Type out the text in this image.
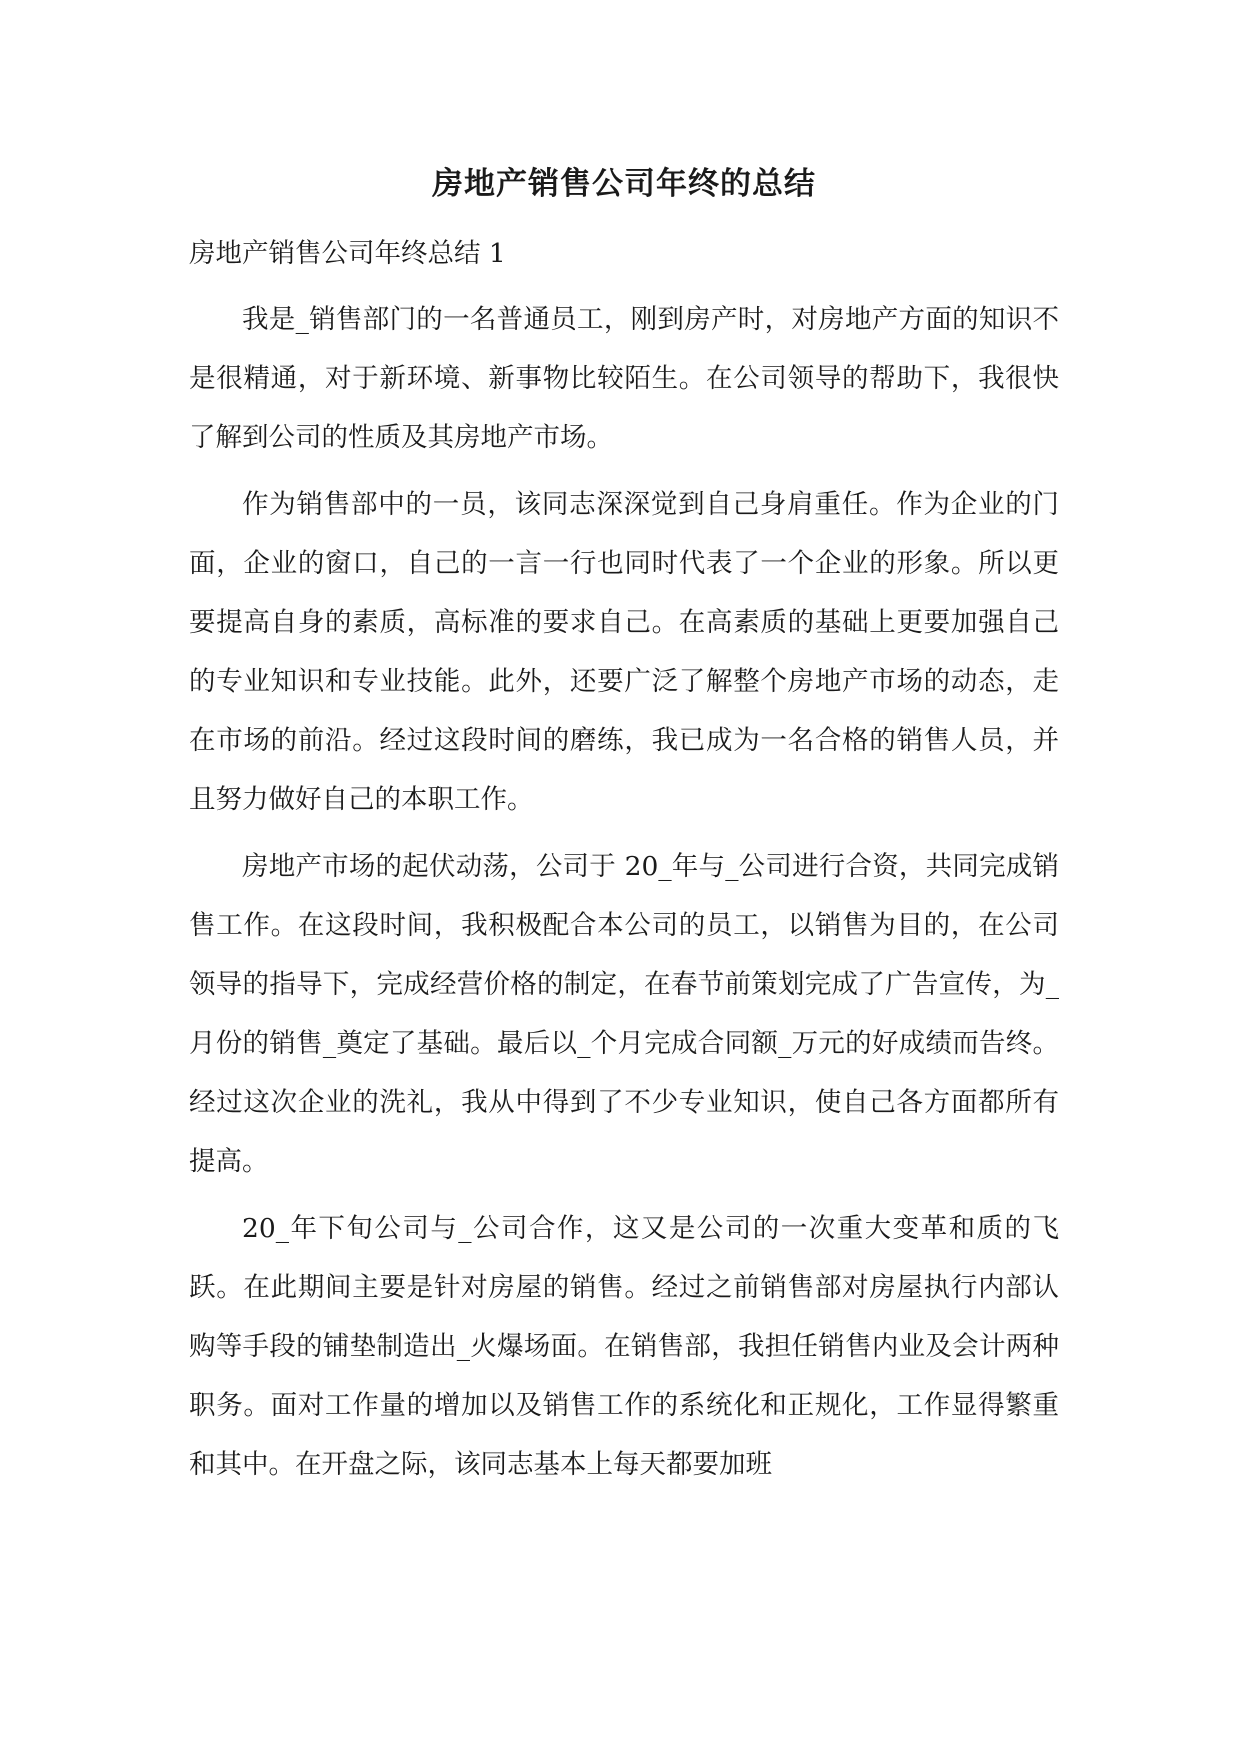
房地产销售公司年终的总结

房地产销售公司年终总结 1

我是_销售部门的一名普通员工，刚到房产时，对房地产方面的知识不是很精通，对于新环境、新事物比较陌生。在公司领导的帮助下，我很快了解到公司的性质及其房地产市场。

作为销售部中的一员，该同志深深觉到自己身肩重任。作为企业的门面，企业的窗口，自己的一言一行也同时代表了一个企业的形象。所以更要提高自身的素质，高标准的要求自己。在高素质的基础上更要加强自己的专业知识和专业技能。此外，还要广泛了解整个房地产市场的动态，走在市场的前沿。经过这段时间的磨练，我已成为一名合格的销售人员，并且努力做好自己的本职工作。

房地产市场的起伏动荡，公司于 20_年与_公司进行合资，共同完成销售工作。在这段时间，我积极配合本公司的员工，以销售为目的，在公司领导的指导下，完成经营价格的制定，在春节前策划完成了广告宣传，为_月份的销售_奠定了基础。最后以_个月完成合同额_万元的好成绩而告终。经过这次企业的洗礼，我从中得到了不少专业知识，使自己各方面都所有提高。

20_年下旬公司与_公司合作，这又是公司的一次重大变革和质的飞跃。在此期间主要是针对房屋的销售。经过之前销售部对房屋执行内部认购等手段的铺垫制造出_火爆场面。在销售部，我担任销售内业及会计两种职务。面对工作量的增加以及销售工作的系统化和正规化，工作显得繁重和其中。在开盘之际，该同志基本上每天都要加班
